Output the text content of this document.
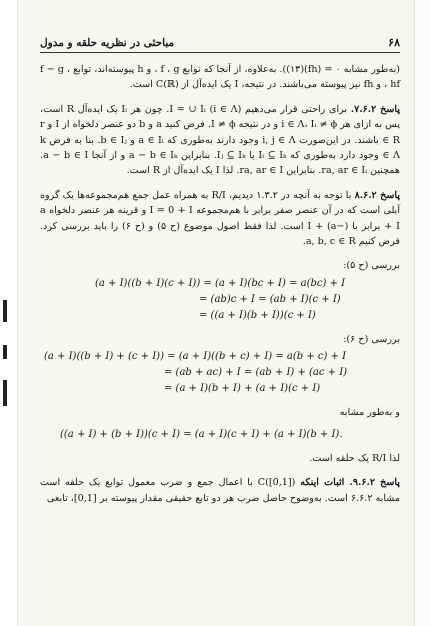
۶۸
مباحثی در نظریه حلقه و مدول

(به‌طور مشابه ۰ = (fh)(۱۳)). به‌علاوه، از آنجا که توابع f ، g ، و h پیوسته‌اند، توابع f − g ، hf ، و fh نیز پیوسته می‌باشند. در نتیجه، I یک ایده‌آل از C(ℝ) است.

پاسخ ۷.۶.۲. برای راحتی قرار می‌دهیم I = ∪ Iᵢ (i ∈ Λ). چون هر Iᵢ یک ایده‌آل R است، پس به ازای هر i ∈ Λ، Iᵢ ≠ ϕ و در نتیجه I ≠ ϕ. فرض کنید a و b دو عنصر دلخواه از I و r ∈ R باشند. در این‌صورت i, j ∈ Λ وجود دارند به‌طوری که a ∈ Iᵢ و b ∈ Iⱼ. بنا به فرض k ∈ Λ وجود دارد به‌طوری که Iᵢ ⊆ Iₖ یا Iⱼ ⊆ Iₖ. بنابراین a − b ∈ Iₖ و از آنجا a − b ∈ I. همچنین ra, ar ∈ Iᵢ. بنابراین ra, ar ∈ I. لذا I یک ایده‌آل از R است.

پاسخ ۸.۶.۲ با توجه به آنچه در ۱.۳.۲ دیدیم، R/I به همراه عمل جمع هم‌مجموعه‌ها یک گروه آبلی است که در آن عنصر صفر برابر با هم‌مجموعه I = 0 + I و قرینه هر عنصر دلخواه a + I برابر با (−a) + I است. لذا فقط اصول موضوع (ح ۵) و (ح ۶) را باید بررسی کرد. فرض کنیم a, b, c ∈ R.

بررسی (ح ۵):
(a + I)((b + I)(c + I)) = (a + I)(bc + I) = a(bc) + I
= (ab)c + I = (ab + I)(c + I)
= ((a + I)(b + I))(c + I)
بررسی (ح ۶):
(a + I)((b + I) + (c + I)) = (a + I)((b + c) + I) = a(b + c) + I
= (ab + ac) + I = (ab + I) + (ac + I)
= (a + I)(b + I) + (a + I)(c + I)
و به‌طور مشابه
((a + I) + (b + I))(c + I) = (a + I)(c + I) + (a + I)(b + I).

لذا R/I یک حلقه است.

پاسخ ۹.۶.۲. اثبات اینکه C([0,1]) با اعمال جمع و ضرب معمول توابع یک حلقه است مشابه ۶.۶.۲ است. به‌وضوح حاصل ضرب هر دو تابع حقیقی مقدار پیوسته بر [0,1]، تابعی
